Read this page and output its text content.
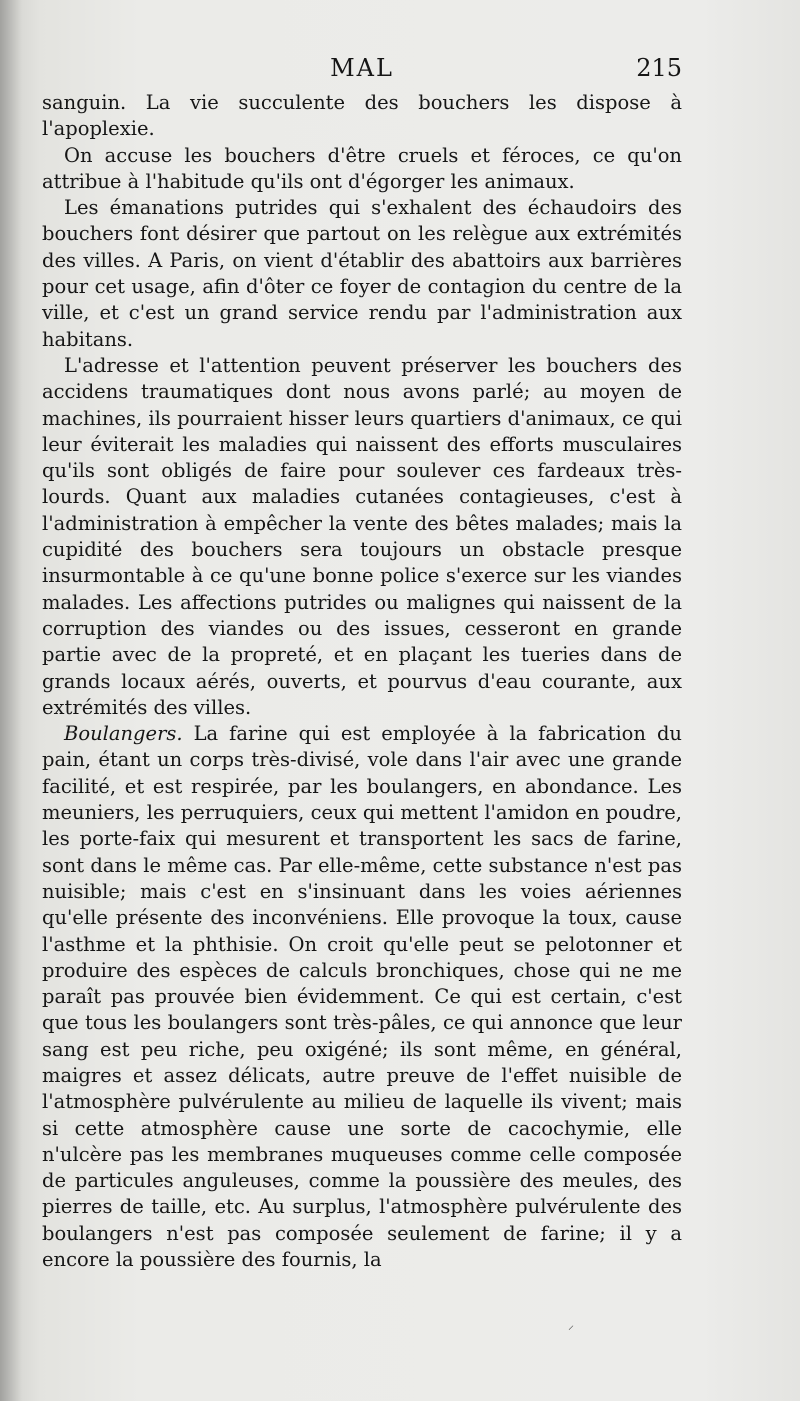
MAL	215

sanguin. La vie succulente des bouchers les dispose à l'apoplexie.

On accuse les bouchers d'être cruels et féroces, ce qu'on attribue à l'habitude qu'ils ont d'égorger les animaux.

Les émanations putrides qui s'exhalent des échaudoirs des bouchers font désirer que partout on les relègue aux extrémités des villes. A Paris, on vient d'établir des abattoirs aux barrières pour cet usage, afin d'ôter ce foyer de contagion du centre de la ville, et c'est un grand service rendu par l'administration aux habitans.

L'adresse et l'attention peuvent préserver les bouchers des accidens traumatiques dont nous avons parlé; au moyen de machines, ils pourraient hisser leurs quartiers d'animaux, ce qui leur éviterait les maladies qui naissent des efforts musculaires qu'ils sont obligés de faire pour soulever ces fardeaux très-lourds. Quant aux maladies cutanées contagieuses, c'est à l'administration à empêcher la vente des bêtes malades; mais la cupidité des bouchers sera toujours un obstacle presque insurmontable à ce qu'une bonne police s'exerce sur les viandes malades. Les affections putrides ou malignes qui naissent de la corruption des viandes ou des issues, cesseront en grande partie avec de la propreté, et en plaçant les tueries dans de grands locaux aérés, ouverts, et pourvus d'eau courante, aux extrémités des villes.

Boulangers. La farine qui est employée à la fabrication du pain, étant un corps très-divisé, vole dans l'air avec une grande facilité, et est respirée, par les boulangers, en abondance. Les meuniers, les perruquiers, ceux qui mettent l'amidon en poudre, les porte-faix qui mesurent et transportent les sacs de farine, sont dans le même cas. Par elle-même, cette substance n'est pas nuisible; mais c'est en s'insinuant dans les voies aériennes qu'elle présente des inconvéniens. Elle provoque la toux, cause l'asthme et la phthisie. On croit qu'elle peut se pelotonner et produire des espèces de calculs bronchiques, chose qui ne me paraît pas prouvée bien évidemment. Ce qui est certain, c'est que tous les boulangers sont très-pâles, ce qui annonce que leur sang est peu riche, peu oxigéné; ils sont même, en général, maigres et assez délicats, autre preuve de l'effet nuisible de l'atmosphère pulvérulente au milieu de laquelle ils vivent; mais si cette atmosphère cause une sorte de cacochymie, elle n'ulcère pas les membranes muqueuses comme celle composée de particules anguleuses, comme la poussière des meules, des pierres de taille, etc. Au surplus, l'atmosphère pulvérulente des boulangers n'est pas composée seulement de farine; il y a encore la poussière des fournis, la

⸝
